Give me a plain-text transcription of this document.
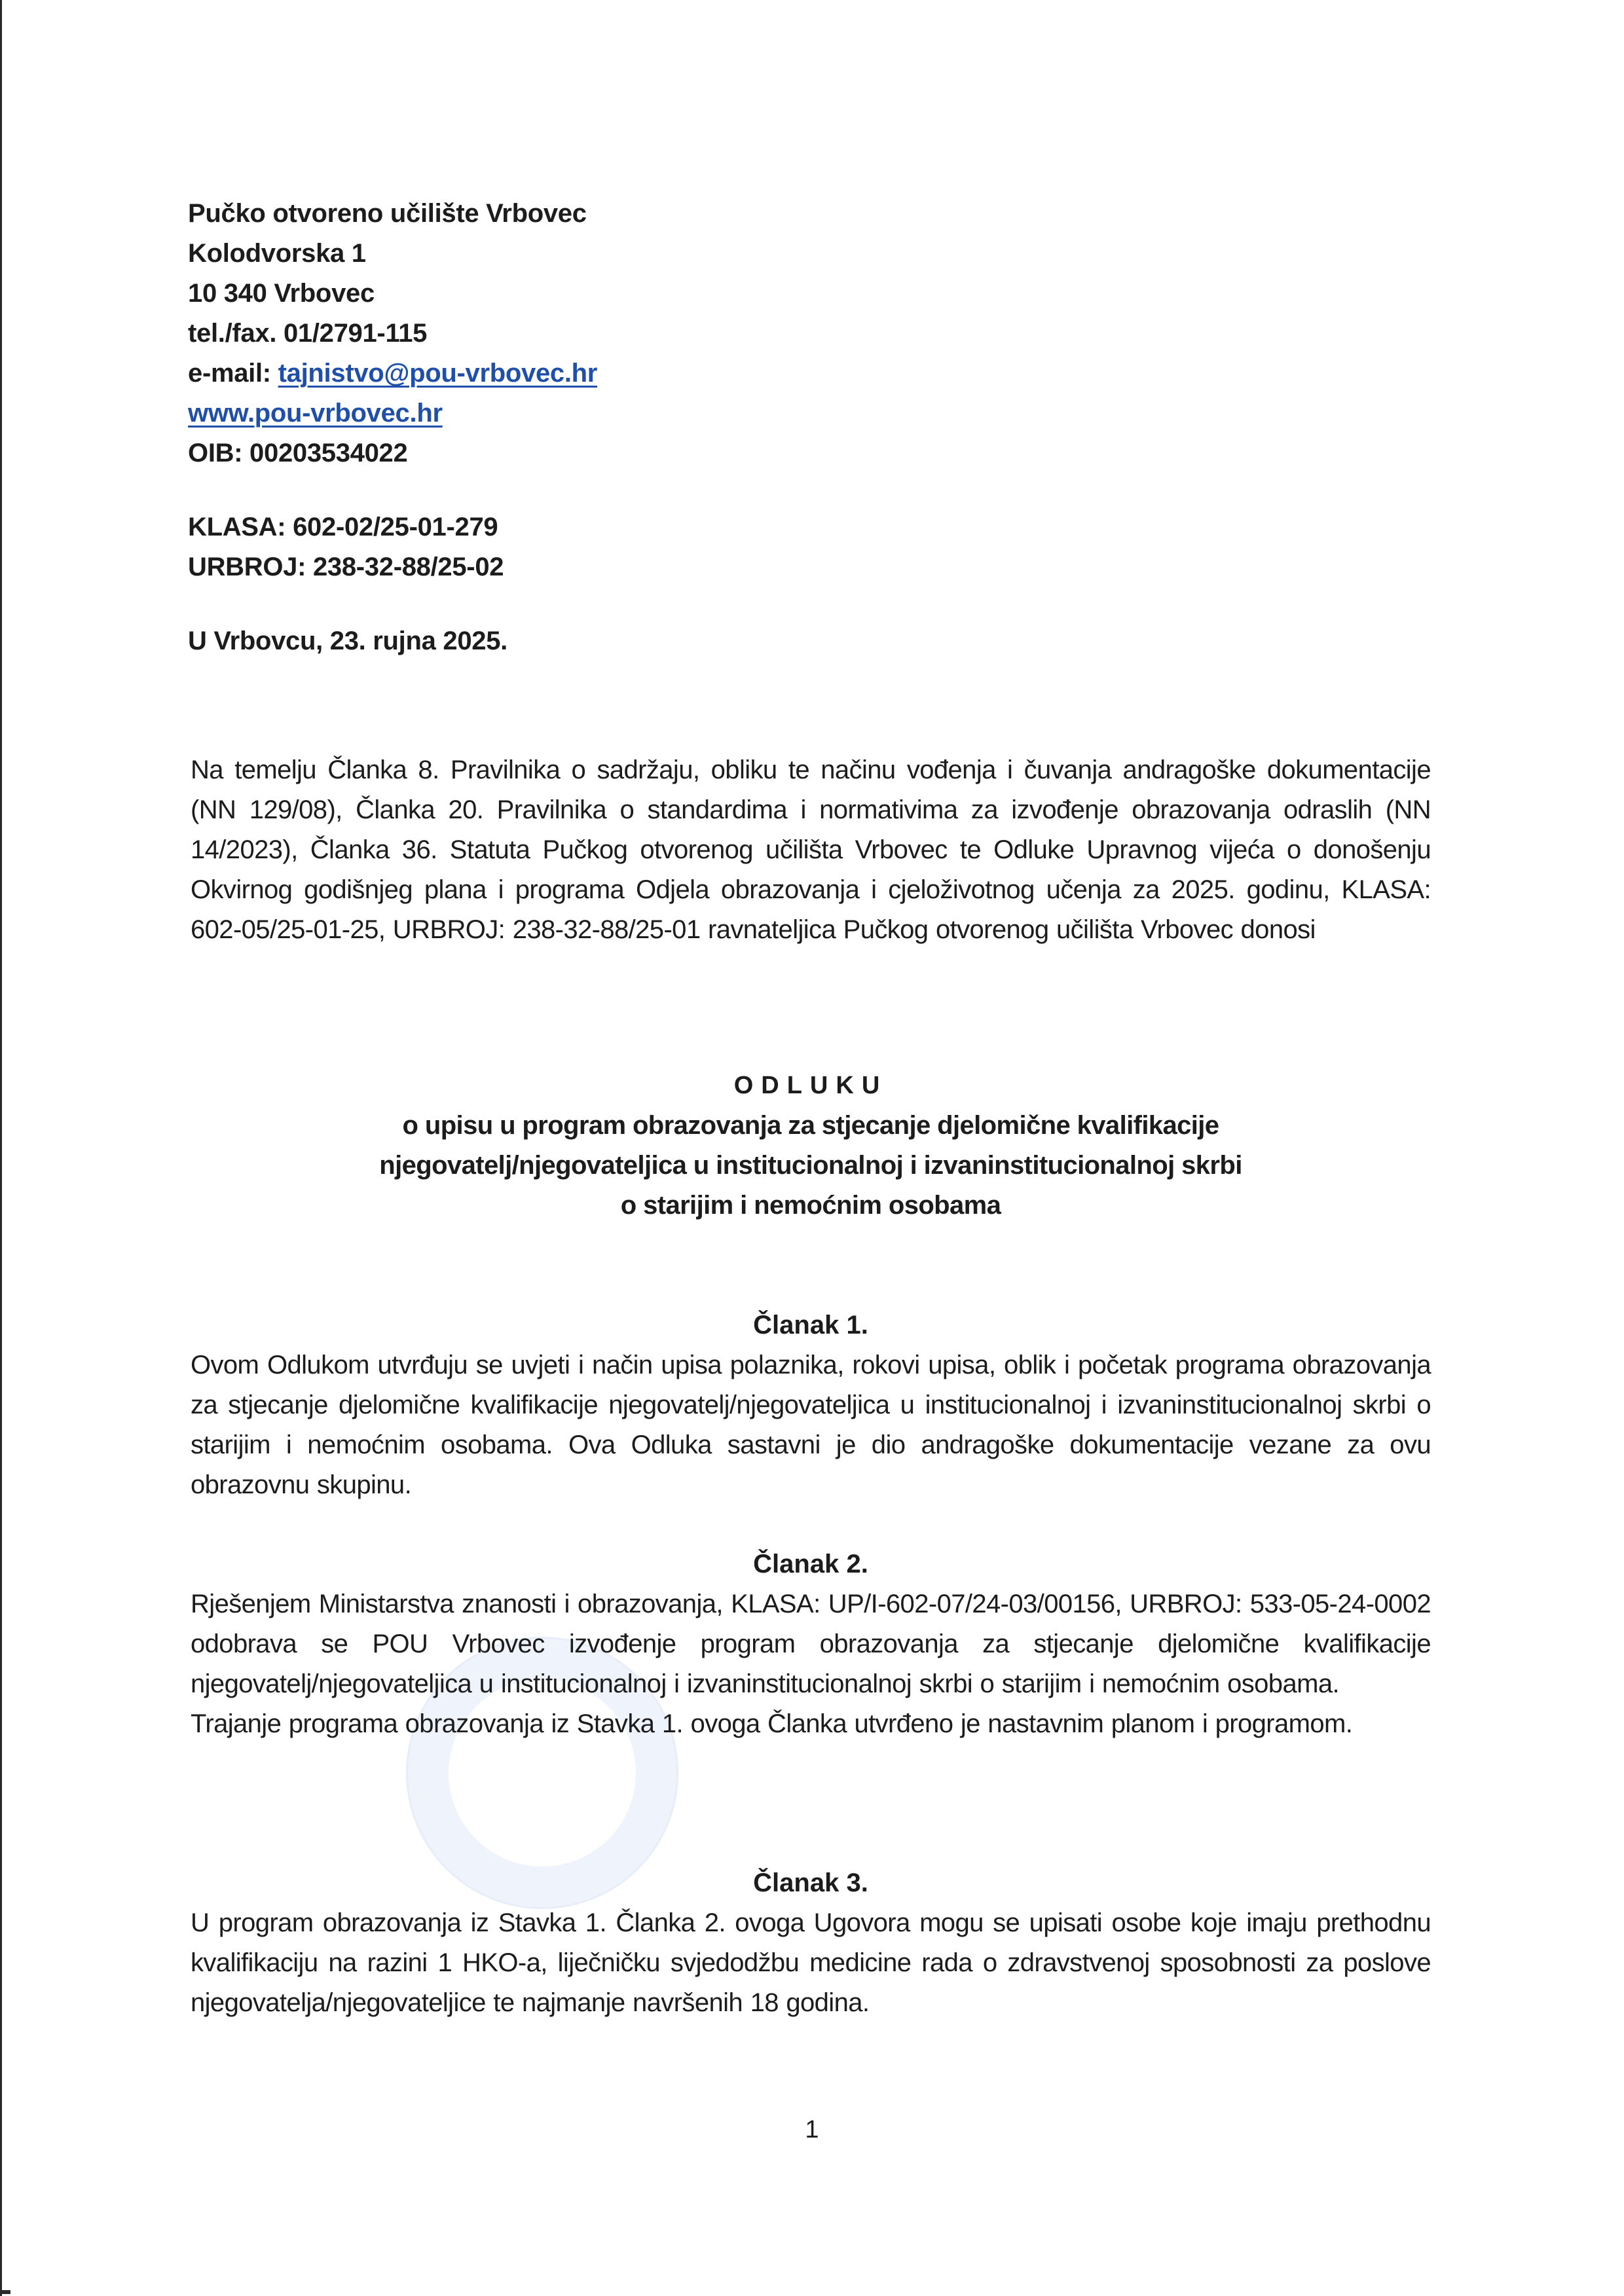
Pučko otvoreno učilište Vrbovec
Kolodvorska 1
10 340 Vrbovec
tel./fax. 01/2791-115
e-mail: tajnistvo@pou-vrbovec.hr
www.pou-vrbovec.hr
OIB: 00203534022
KLASA: 602-02/25-01-279
URBROJ: 238-32-88/25-02
U Vrbovcu, 23. rujna 2025.
Na temelju Članka 8. Pravilnika o sadržaju, obliku te načinu vođenja i čuvanja andragoške dokumentacije (NN 129/08), Članka 20. Pravilnika o standardima i normativima za izvođenje obrazovanja odraslih (NN 14/2023), Članka 36. Statuta Pučkog otvorenog učilišta Vrbovec te Odluke Upravnog vijeća o donošenju Okvirnog godišnjeg plana i programa Odjela obrazovanja i cjeloživotnog učenja za 2025. godinu, KLASA: 602-05/25-01-25, URBROJ: 238-32-88/25-01 ravnateljica Pučkog otvorenog učilišta Vrbovec donosi
ODLUKU
o upisu u program obrazovanja za stjecanje djelomične kvalifikacije
njegovatelj/njegovateljica u institucionalnoj i izvaninstitucionalnoj skrbi
o starijim i nemoćnim osobama
Članak 1.
Ovom Odlukom utvrđuju se uvjeti i način upisa polaznika, rokovi upisa, oblik i početak programa obrazovanja za stjecanje djelomične kvalifikacije njegovatelj/njegovateljica u institucionalnoj i izvaninstitucionalnoj skrbi o starijim i nemoćnim osobama. Ova Odluka sastavni je dio andragoške dokumentacije vezane za ovu obrazovnu skupinu.
Članak 2.
Rješenjem Ministarstva znanosti i obrazovanja, KLASA: UP/I-602-07/24-03/00156, URBROJ: 533-05-24-0002 odobrava se POU Vrbovec izvođenje program obrazovanja za stjecanje djelomične kvalifikacije njegovatelj/njegovateljica u institucionalnoj i izvaninstitucionalnoj skrbi o starijim i nemoćnim osobama.
Trajanje programa obrazovanja iz Stavka 1. ovoga Članka utvrđeno je nastavnim planom i programom.
Članak 3.
U program obrazovanja iz Stavka 1. Članka 2. ovoga Ugovora mogu se upisati osobe koje imaju prethodnu kvalifikaciju na razini 1 HKO-a, liječničku svjedodžbu medicine rada o zdravstvenoj sposobnosti za poslove njegovatelja/njegovateljice te najmanje navršenih 18 godina.
1
